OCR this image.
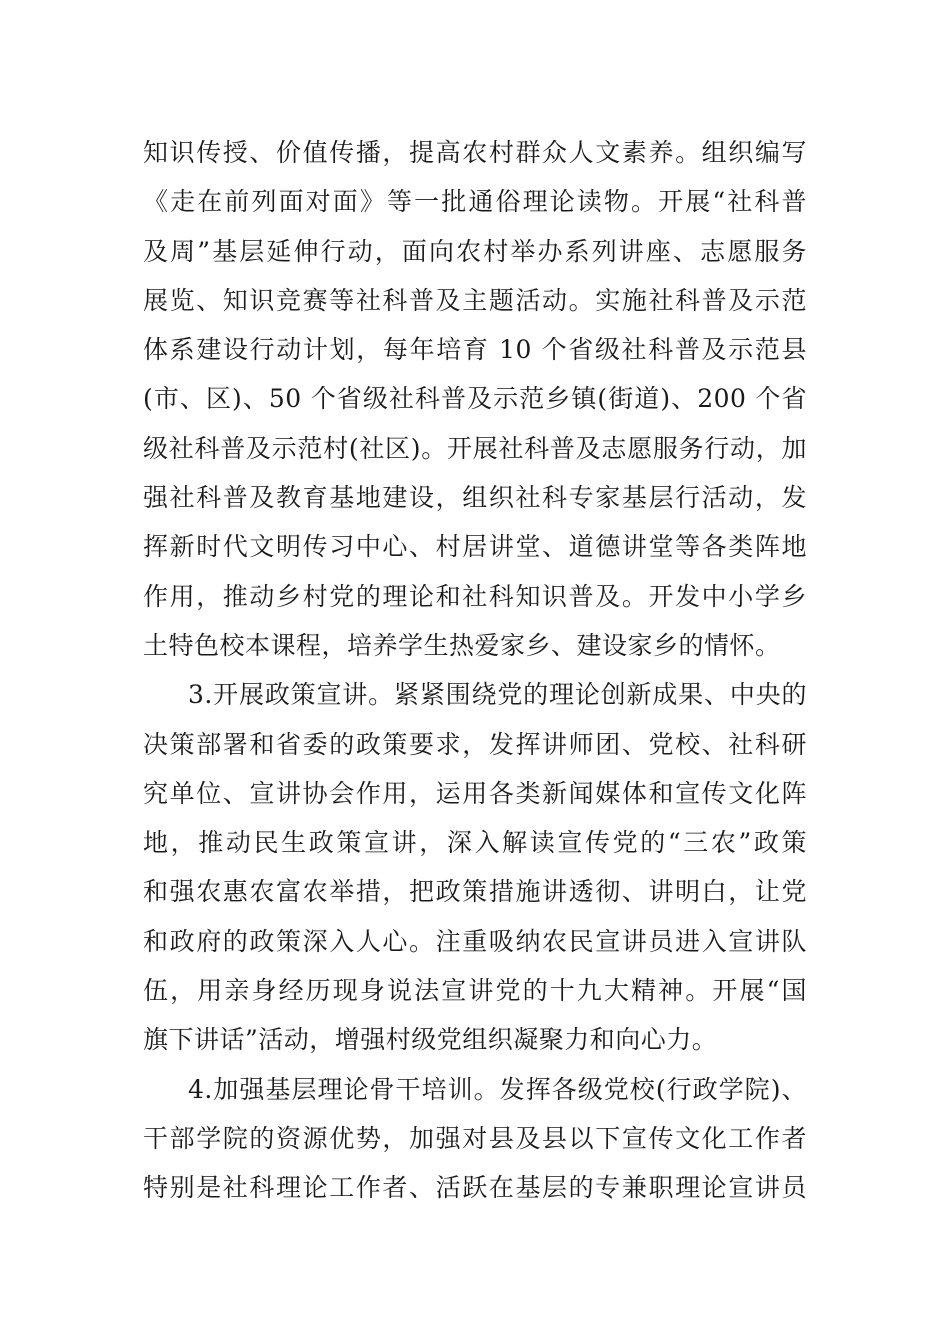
知识传授、价值传播，提高农村群众人文素养。组织编写
《走在前列面对面》等一批通俗理论读物。开展“社科普
及周”基层延伸行动，面向农村举办系列讲座、志愿服务
展览、知识竞赛等社科普及主题活动。实施社科普及示范
体系建设行动计划，每年培育 10 个省级社科普及示范县
(市、区)、50 个省级社科普及示范乡镇(街道)、200 个省
级社科普及示范村(社区)。开展社科普及志愿服务行动，加
强社科普及教育基地建设，组织社科专家基层行活动，发
挥新时代文明传习中心、村居讲堂、道德讲堂等各类阵地
作用，推动乡村党的理论和社科知识普及。开发中小学乡
土特色校本课程，培养学生热爱家乡、建设家乡的情怀。
3.开展政策宣讲。紧紧围绕党的理论创新成果、中央的
决策部署和省委的政策要求，发挥讲师团、党校、社科研
究单位、宣讲协会作用，运用各类新闻媒体和宣传文化阵
地，推动民生政策宣讲，深入解读宣传党的“三农”政策
和强农惠农富农举措，把政策措施讲透彻、讲明白，让党
和政府的政策深入人心。注重吸纳农民宣讲员进入宣讲队
伍，用亲身经历现身说法宣讲党的十九大精神。开展“国
旗下讲话”活动，增强村级党组织凝聚力和向心力。
4.加强基层理论骨干培训。发挥各级党校(行政学院)、
干部学院的资源优势，加强对县及县以下宣传文化工作者
特别是社科理论工作者、活跃在基层的专兼职理论宣讲员
